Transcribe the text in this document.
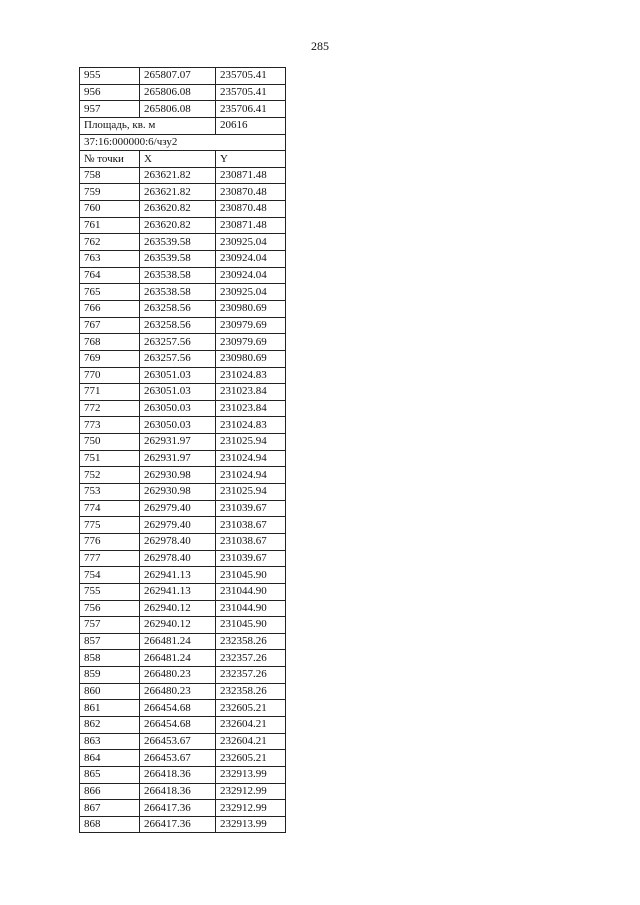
285
955	265807.07	235705.41
956	265806.08	235705.41
957	265806.08	235706.41
Площадь, кв. м		20616
37:16:000000:6/чзу2		
№ точки	X	Y
758	263621.82	230871.48
759	263621.82	230870.48
760	263620.82	230870.48
761	263620.82	230871.48
762	263539.58	230925.04
763	263539.58	230924.04
764	263538.58	230924.04
765	263538.58	230925.04
766	263258.56	230980.69
767	263258.56	230979.69
768	263257.56	230979.69
769	263257.56	230980.69
770	263051.03	231024.83
771	263051.03	231023.84
772	263050.03	231023.84
773	263050.03	231024.83
750	262931.97	231025.94
751	262931.97	231024.94
752	262930.98	231024.94
753	262930.98	231025.94
774	262979.40	231039.67
775	262979.40	231038.67
776	262978.40	231038.67
777	262978.40	231039.67
754	262941.13	231045.90
755	262941.13	231044.90
756	262940.12	231044.90
757	262940.12	231045.90
857	266481.24	232358.26
858	266481.24	232357.26
859	266480.23	232357.26
860	266480.23	232358.26
861	266454.68	232605.21
862	266454.68	232604.21
863	266453.67	232604.21
864	266453.67	232605.21
865	266418.36	232913.99
866	266418.36	232912.99
867	266417.36	232912.99
868	266417.36	232913.99
